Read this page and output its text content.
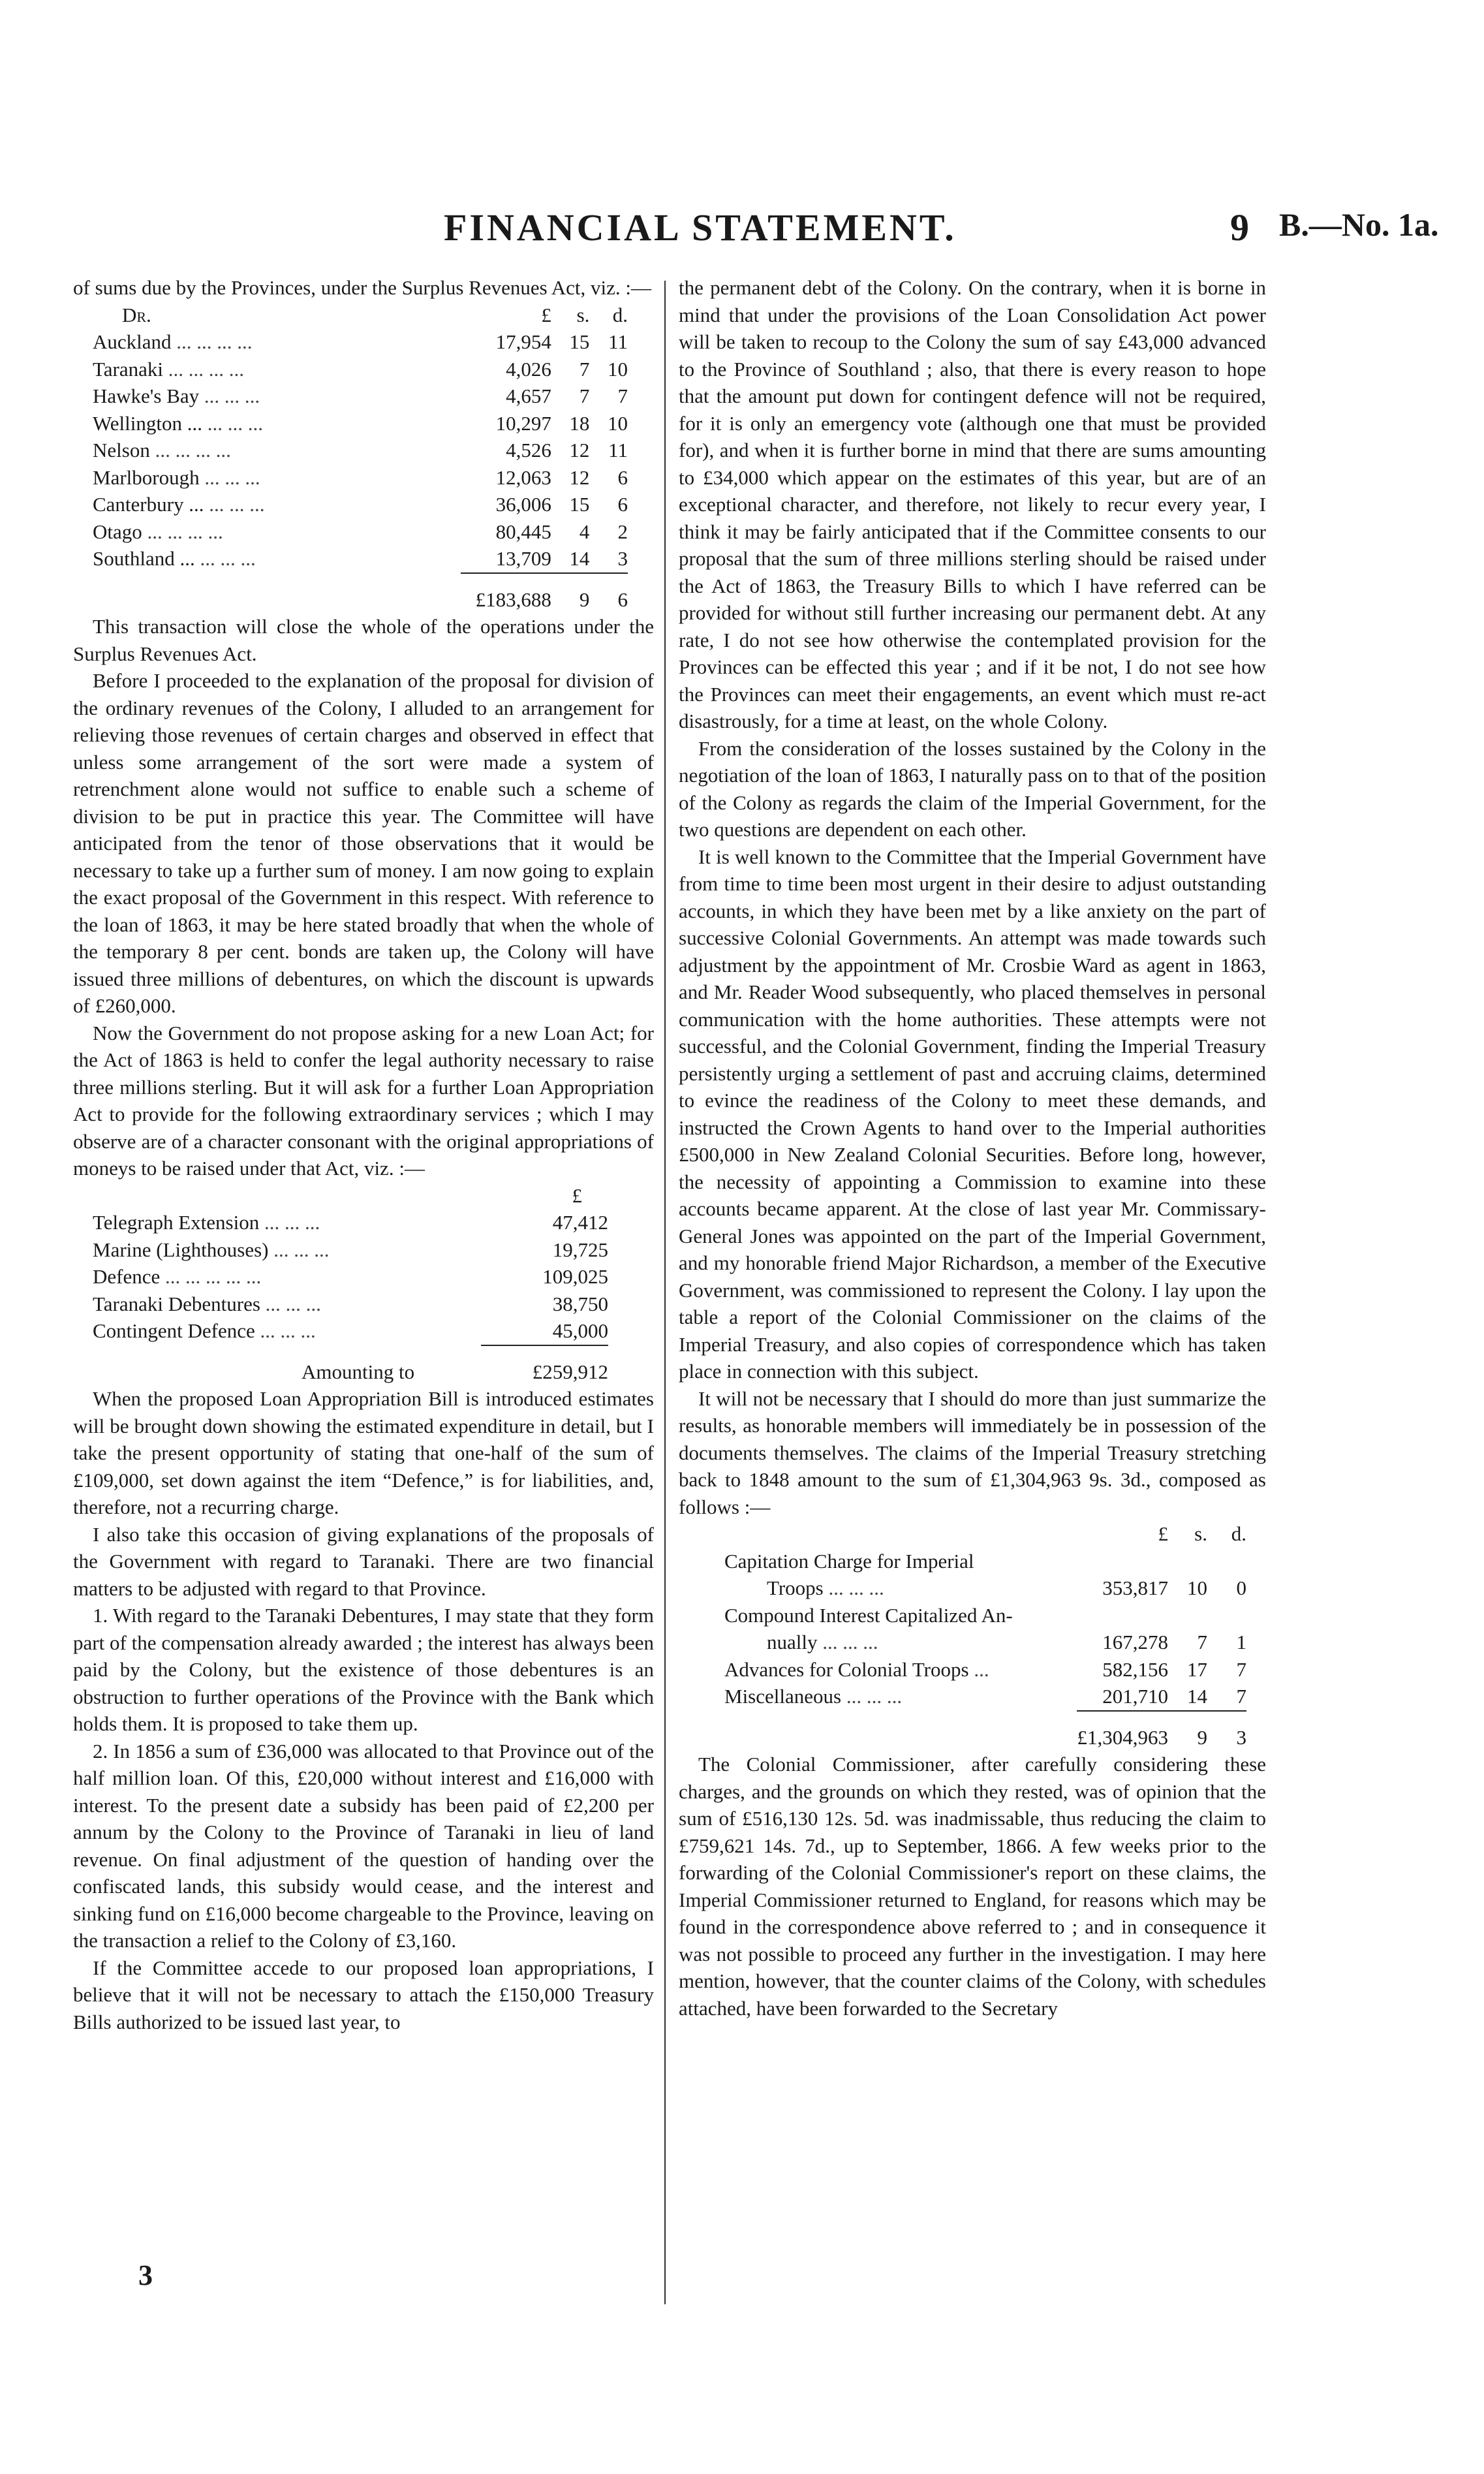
FINANCIAL STATEMENT.	9 B.—No. 1a.

of sums due by the Provinces, under the Surplus Revenues Act, viz. :—

Dr.	£	s.	d.
Auckland ... ... ... ...	17,954	15	11
Taranaki ... ... ... ...	4,026	7	10
Hawke's Bay ... ... ...	4,657	7	7
Wellington ... ... ... ...	10,297	18	10
Nelson ... ... ... ...	4,526	12	11
Marlborough ... ... ...	12,063	12	6
Canterbury ... ... ... ...	36,006	15	6
Otago ... ... ... ...	80,445	4	2
Southland ... ... ... ...	13,709	14	3

	£183,688	9	6

This transaction will close the whole of the operations under the Surplus Revenues Act.

Before I proceeded to the explanation of the proposal for division of the ordinary revenues of the Colony, I alluded to an arrangement for relieving those revenues of certain charges and observed in effect that unless some arrangement of the sort were made a system of retrenchment alone would not suffice to enable such a scheme of division to be put in practice this year. The Committee will have anticipated from the tenor of those observations that it would be necessary to take up a further sum of money. I am now going to explain the exact proposal of the Government in this respect. With reference to the loan of 1863, it may be here stated broadly that when the whole of the temporary 8 per cent. bonds are taken up, the Colony will have issued three millions of debentures, on which the discount is upwards of £260,000.

Now the Government do not propose asking for a new Loan Act; for the Act of 1863 is held to confer the legal authority necessary to raise three millions sterling. But it will ask for a further Loan Appropriation Act to provide for the following extraordinary services ; which I may observe are of a character consonant with the original appropriations of moneys to be raised under that Act, viz. :—

	£
Telegraph Extension ... ... ...	47,412
Marine (Lighthouses) ... ... ...	19,725
Defence ... ... ... ... ...	109,025
Taranaki Debentures ... ... ...	38,750
Contingent Defence ... ... ...	45,000

Amounting to	£259,912

When the proposed Loan Appropriation Bill is introduced estimates will be brought down showing the estimated expenditure in detail, but I take the present opportunity of stating that one-half of the sum of £109,000, set down against the item “Defence,” is for liabilities, and, therefore, not a recurring charge.

I also take this occasion of giving explanations of the proposals of the Government with regard to Taranaki. There are two financial matters to be adjusted with regard to that Province.

1. With regard to the Taranaki Debentures, I may state that they form part of the compensation already awarded ; the interest has always been paid by the Colony, but the existence of those debentures is an obstruction to further operations of the Province with the Bank which holds them. It is proposed to take them up.

2. In 1856 a sum of £36,000 was allocated to that Province out of the half million loan. Of this, £20,000 without interest and £16,000 with interest. To the present date a subsidy has been paid of £2,200 per annum by the Colony to the Province of Taranaki in lieu of land revenue. On final adjustment of the question of handing over the confiscated lands, this subsidy would cease, and the interest and sinking fund on £16,000 become chargeable to the Province, leaving on the transaction a relief to the Colony of £3,160.

If the Committee accede to our proposed loan appropriations, I believe that it will not be necessary to attach the £150,000 Treasury Bills authorized to be issued last year, to

the permanent debt of the Colony. On the contrary, when it is borne in mind that under the provisions of the Loan Consolidation Act power will be taken to recoup to the Colony the sum of say £43,000 advanced to the Province of Southland ; also, that there is every reason to hope that the amount put down for contingent defence will not be required, for it is only an emergency vote (although one that must be provided for), and when it is further borne in mind that there are sums amounting to £34,000 which appear on the estimates of this year, but are of an exceptional character, and therefore, not likely to recur every year, I think it may be fairly anticipated that if the Committee consents to our proposal that the sum of three millions sterling should be raised under the Act of 1863, the Treasury Bills to which I have referred can be provided for without still further increasing our permanent debt. At any rate, I do not see how otherwise the contemplated provision for the Provinces can be effected this year ; and if it be not, I do not see how the Provinces can meet their engagements, an event which must re-act disastrously, for a time at least, on the whole Colony.

From the consideration of the losses sustained by the Colony in the negotiation of the loan of 1863, I naturally pass on to that of the position of the Colony as regards the claim of the Imperial Government, for the two questions are dependent on each other.

It is well known to the Committee that the Imperial Government have from time to time been most urgent in their desire to adjust outstanding accounts, in which they have been met by a like anxiety on the part of successive Colonial Governments. An attempt was made towards such adjustment by the appointment of Mr. Crosbie Ward as agent in 1863, and Mr. Reader Wood subsequently, who placed themselves in personal communication with the home authorities. These attempts were not successful, and the Colonial Government, finding the Imperial Treasury persistently urging a settlement of past and accruing claims, determined to evince the readiness of the Colony to meet these demands, and instructed the Crown Agents to hand over to the Imperial authorities £500,000 in New Zealand Colonial Securities. Before long, however, the necessity of appointing a Commission to examine into these accounts became apparent. At the close of last year Mr. Commissary-General Jones was appointed on the part of the Imperial Government, and my honorable friend Major Richardson, a member of the Executive Government, was commissioned to represent the Colony. I lay upon the table a report of the Colonial Commissioner on the claims of the Imperial Treasury, and also copies of correspondence which has taken place in connection with this subject.

It will not be necessary that I should do more than just summarize the results, as honorable members will immediately be in possession of the documents themselves. The claims of the Imperial Treasury stretching back to 1848 amount to the sum of £1,304,963 9s. 3d., composed as follows :—

	£	s.	d.

Capitation Charge for Imperial
Troops ... ... ...	353,817	10	0

Compound Interest Capitalized An-
nually ... ... ...	167,278	7	1
Advances for Colonial Troops ...	582,156	17	7
Miscellaneous ... ... ...	201,710	14	7

	£1,304,963	9	3

The Colonial Commissioner, after carefully considering these charges, and the grounds on which they rested, was of opinion that the sum of £516,130 12s. 5d. was inadmissable, thus reducing the claim to £759,621 14s. 7d., up to September, 1866. A few weeks prior to the forwarding of the Colonial Commissioner's report on these claims, the Imperial Commissioner returned to England, for reasons which may be found in the correspondence above referred to ; and in consequence it was not possible to proceed any further in the investigation. I may here mention, however, that the counter claims of the Colony, with schedules attached, have been forwarded to the Secretary

3
